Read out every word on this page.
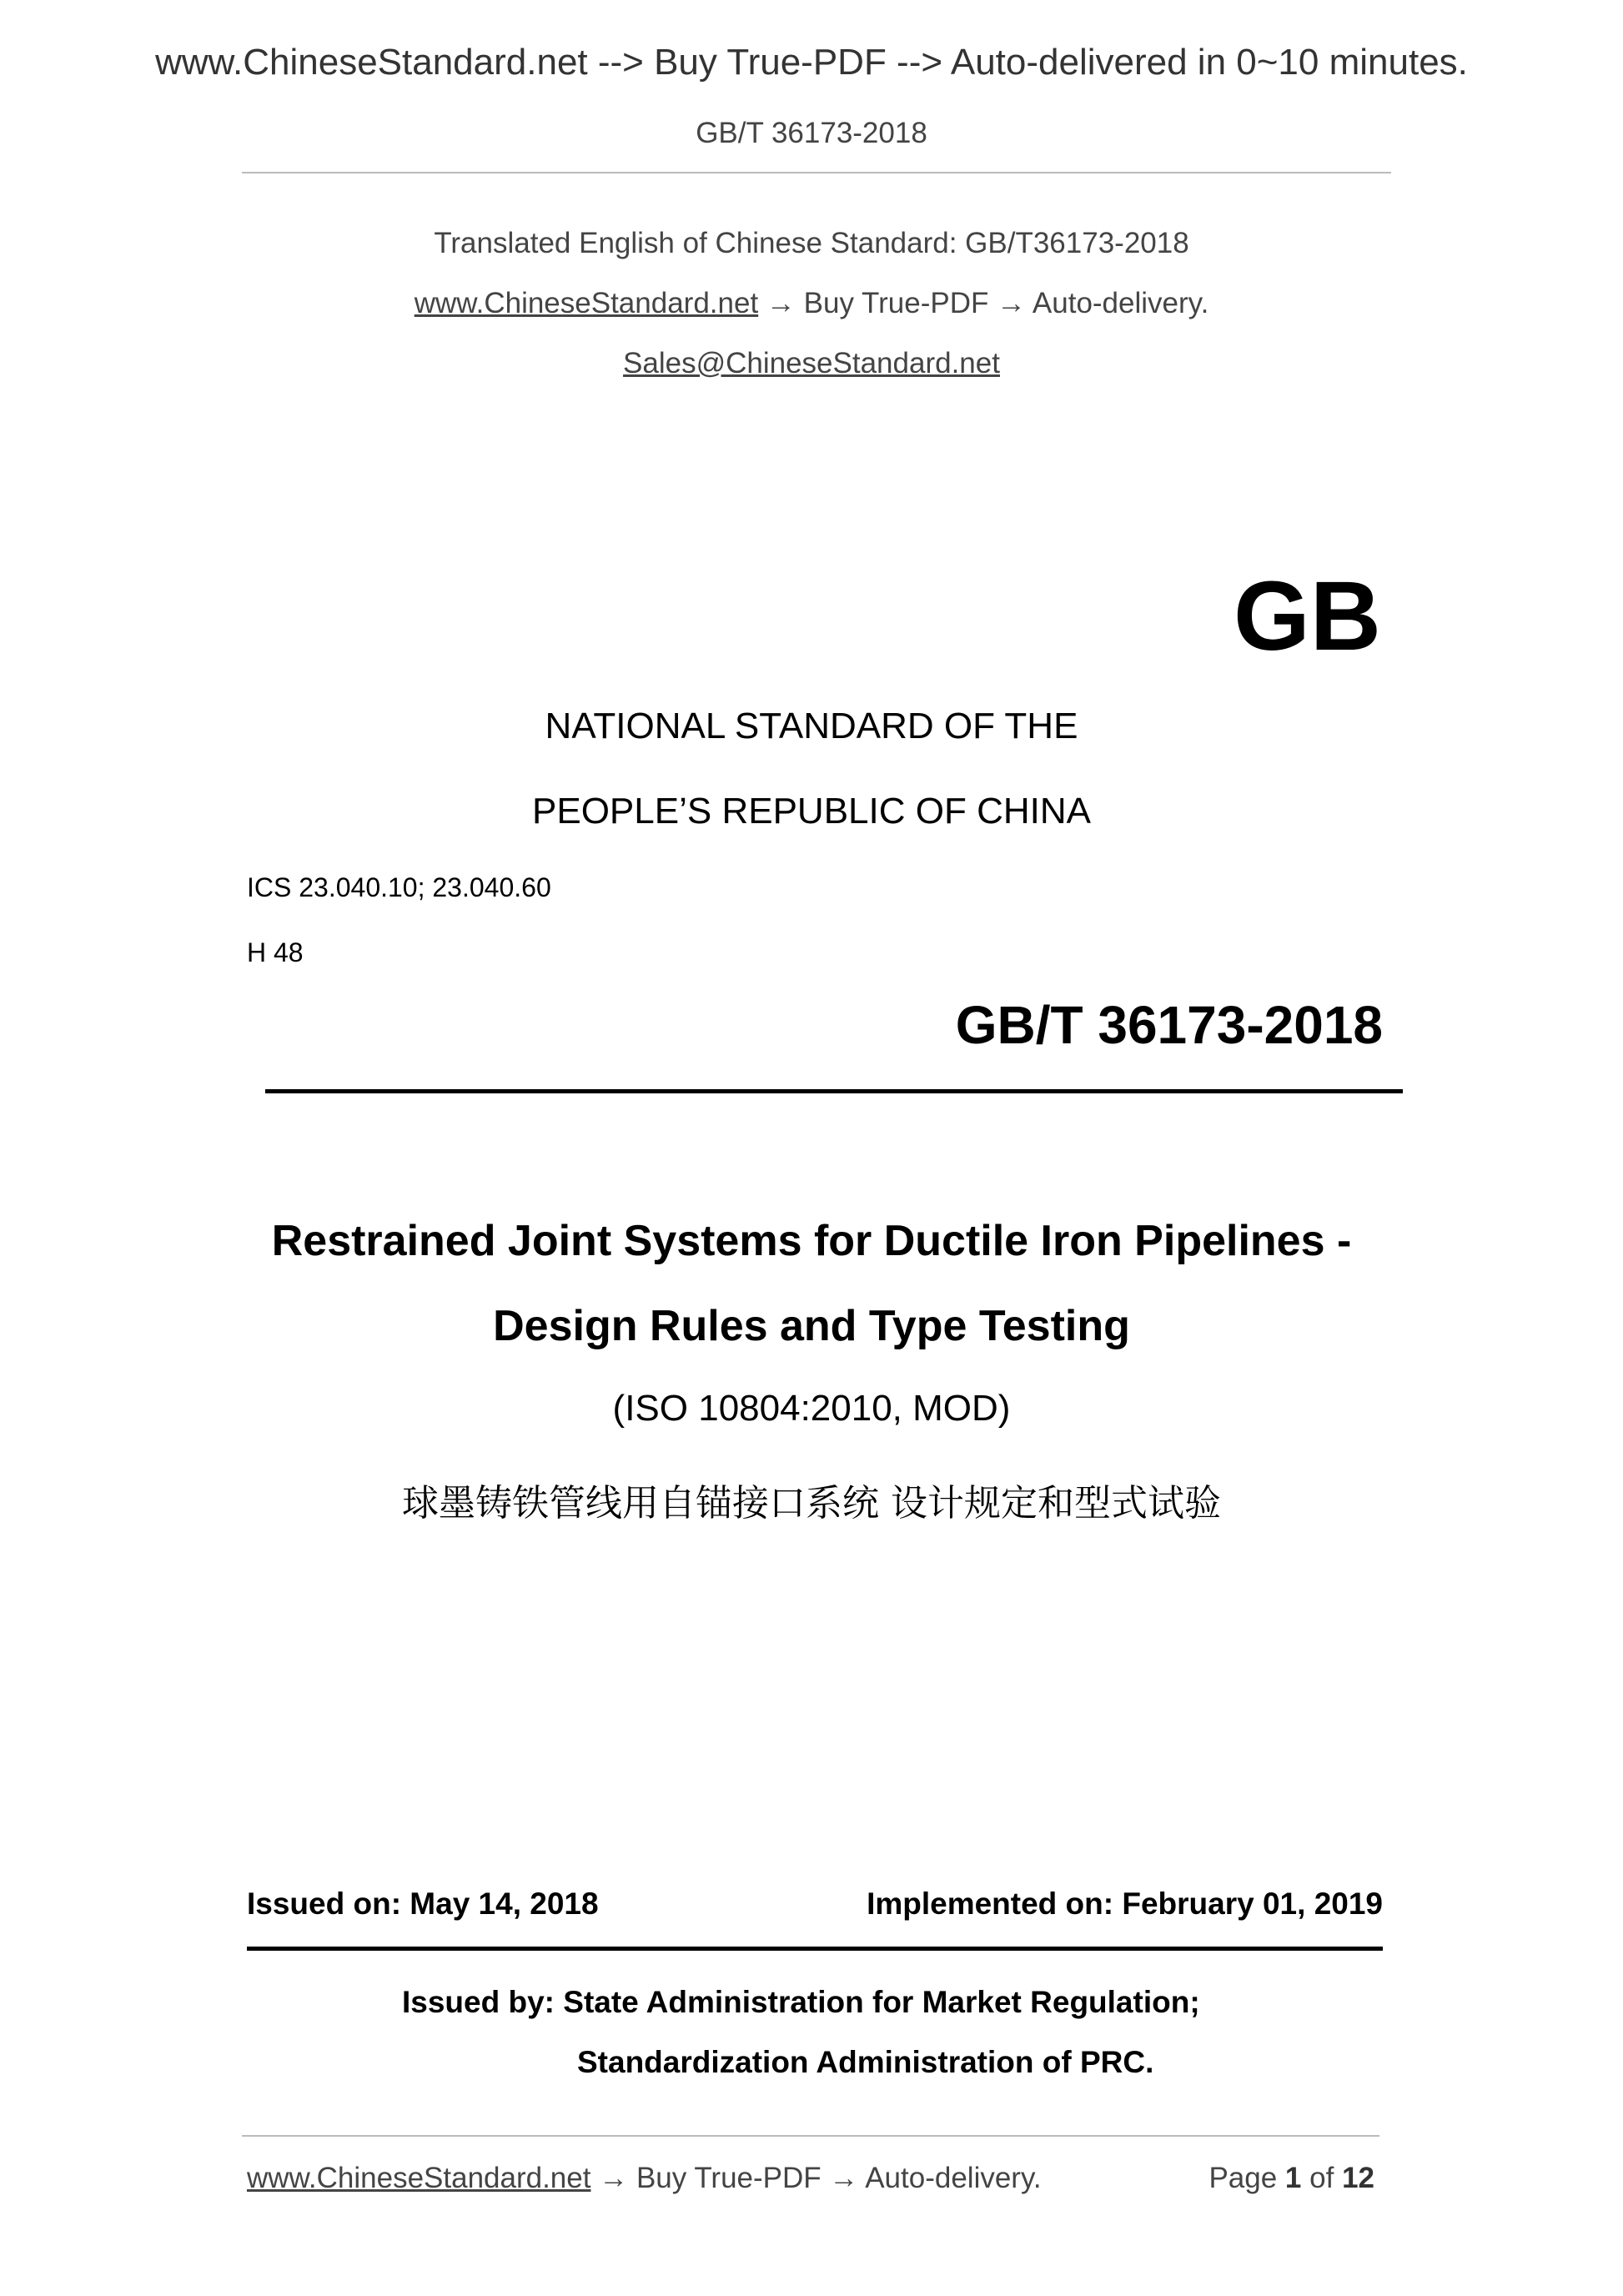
www.ChineseStandard.net --> Buy True-PDF --> Auto-delivered in 0~10 minutes.
GB/T 36173-2018
Translated English of Chinese Standard: GB/T36173-2018
www.ChineseStandard.net → Buy True-PDF → Auto-delivery.
Sales@ChineseStandard.net
GB
NATIONAL STANDARD OF THE
PEOPLE’S REPUBLIC OF CHINA
ICS 23.040.10; 23.040.60
H 48
GB/T 36173-2018
Restrained Joint Systems for Ductile Iron Pipelines -
Design Rules and Type Testing
(ISO 10804:2010, MOD)
球墨铸铁管线用自锚接口系统 设计规定和型式试验
Issued on: May 14, 2018	Implemented on: February 01, 2019
Issued by: State Administration for Market Regulation;
Standardization Administration of PRC.
www.ChineseStandard.net → Buy True-PDF → Auto-delivery.	Page 1 of 12
